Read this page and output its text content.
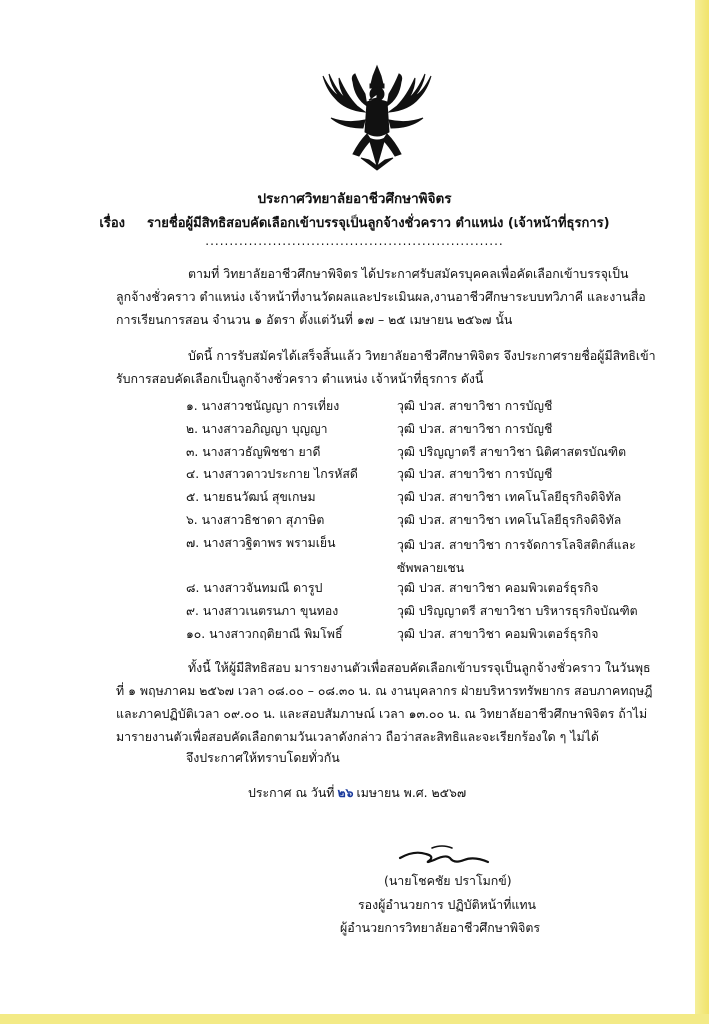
ประกาศวิทยาลัยอาชีวศึกษาพิจิตร
เรื่อง รายชื่อผู้มีสิทธิสอบคัดเลือกเข้าบรรจุเป็นลูกจ้างชั่วคราว ตำแหน่ง (เจ้าหน้าที่ธุรการ)
..............................................................
ตามที่ วิทยาลัยอาชีวศึกษาพิจิตร ได้ประกาศรับสมัครบุคคลเพื่อคัดเลือกเข้าบรรจุเป็นลูกจ้างชั่วคราว ตำแหน่ง เจ้าหน้าที่งานวัดผลและประเมินผล,งานอาชีวศึกษาระบบทวิภาคี และงานสื่อการเรียนการสอน จำนวน ๑ อัตรา ตั้งแต่วันที่ ๑๗ – ๒๕ เมษายน ๒๕๖๗ นั้น
บัดนี้ การรับสมัครได้เสร็จสิ้นแล้ว วิทยาลัยอาชีวศึกษาพิจิตร จึงประกาศรายชื่อผู้มีสิทธิเข้ารับการสอบคัดเลือกเป็นลูกจ้างชั่วคราว ตำแหน่ง เจ้าหน้าที่ธุรการ ดังนี้
๑. นางสาวชนัญญา การเที่ยง	วุฒิ ปวส. สาขาวิชา การบัญชี
๒. นางสาวอภิญญา บุญญา	วุฒิ ปวส. สาขาวิชา การบัญชี
๓. นางสาวธัญพิชชา ยาดี	วุฒิ ปริญญาตรี สาขาวิชา นิติศาสตรบัณฑิต
๔. นางสาวดาวประกาย ไกรหัสดี	วุฒิ ปวส. สาขาวิชา การบัญชี
๕. นายธนวัฒน์ สุขเกษม	วุฒิ ปวส. สาขาวิชา เทคโนโลยีธุรกิจดิจิทัล
๖. นางสาวธิชาดา สุภาษิต	วุฒิ ปวส. สาขาวิชา เทคโนโลยีธุรกิจดิจิทัล
๗. นางสาวฐิตาพร พรามเย็น	วุฒิ ปวส. สาขาวิชา การจัดการโลจิสติกส์และซัพพลายเชน
๘. นางสาวจันทมณี ดารูป	วุฒิ ปวส. สาขาวิชา คอมพิวเตอร์ธุรกิจ
๙. นางสาวเนตรนภา ขุนทอง	วุฒิ ปริญญาตรี สาขาวิชา บริหารธุรกิจบัณฑิต
๑๐. นางสาวกฤติยาณี พิมโพธิ์	วุฒิ ปวส. สาขาวิชา คอมพิวเตอร์ธุรกิจ
ทั้งนี้ ให้ผู้มีสิทธิสอบ มารายงานตัวเพื่อสอบคัดเลือกเข้าบรรจุเป็นลูกจ้างชั่วคราว ในวันพุธที่ ๑ พฤษภาคม ๒๕๖๗ เวลา ๐๘.๐๐ – ๐๘.๓๐ น. ณ งานบุคลากร ฝ่ายบริหารทรัพยากร สอบภาคทฤษฎีและภาคปฏิบัติเวลา ๐๙.๐๐ น. และสอบสัมภาษณ์ เวลา ๑๓.๐๐ น. ณ วิทยาลัยอาชีวศึกษาพิจิตร ถ้าไม่มารายงานตัวเพื่อสอบคัดเลือกตามวันเวลาดังกล่าว ถือว่าสละสิทธิและจะเรียกร้องใด ๆ ไม่ได้
จึงประกาศให้ทราบโดยทั่วกัน
ประกาศ ณ วันที่ ๒๖ เมษายน พ.ศ. ๒๕๖๗
(นายโชคชัย ปราโมกข์)
รองผู้อำนวยการ ปฏิบัติหน้าที่แทน
ผู้อำนวยการวิทยาลัยอาชีวศึกษาพิจิตร
